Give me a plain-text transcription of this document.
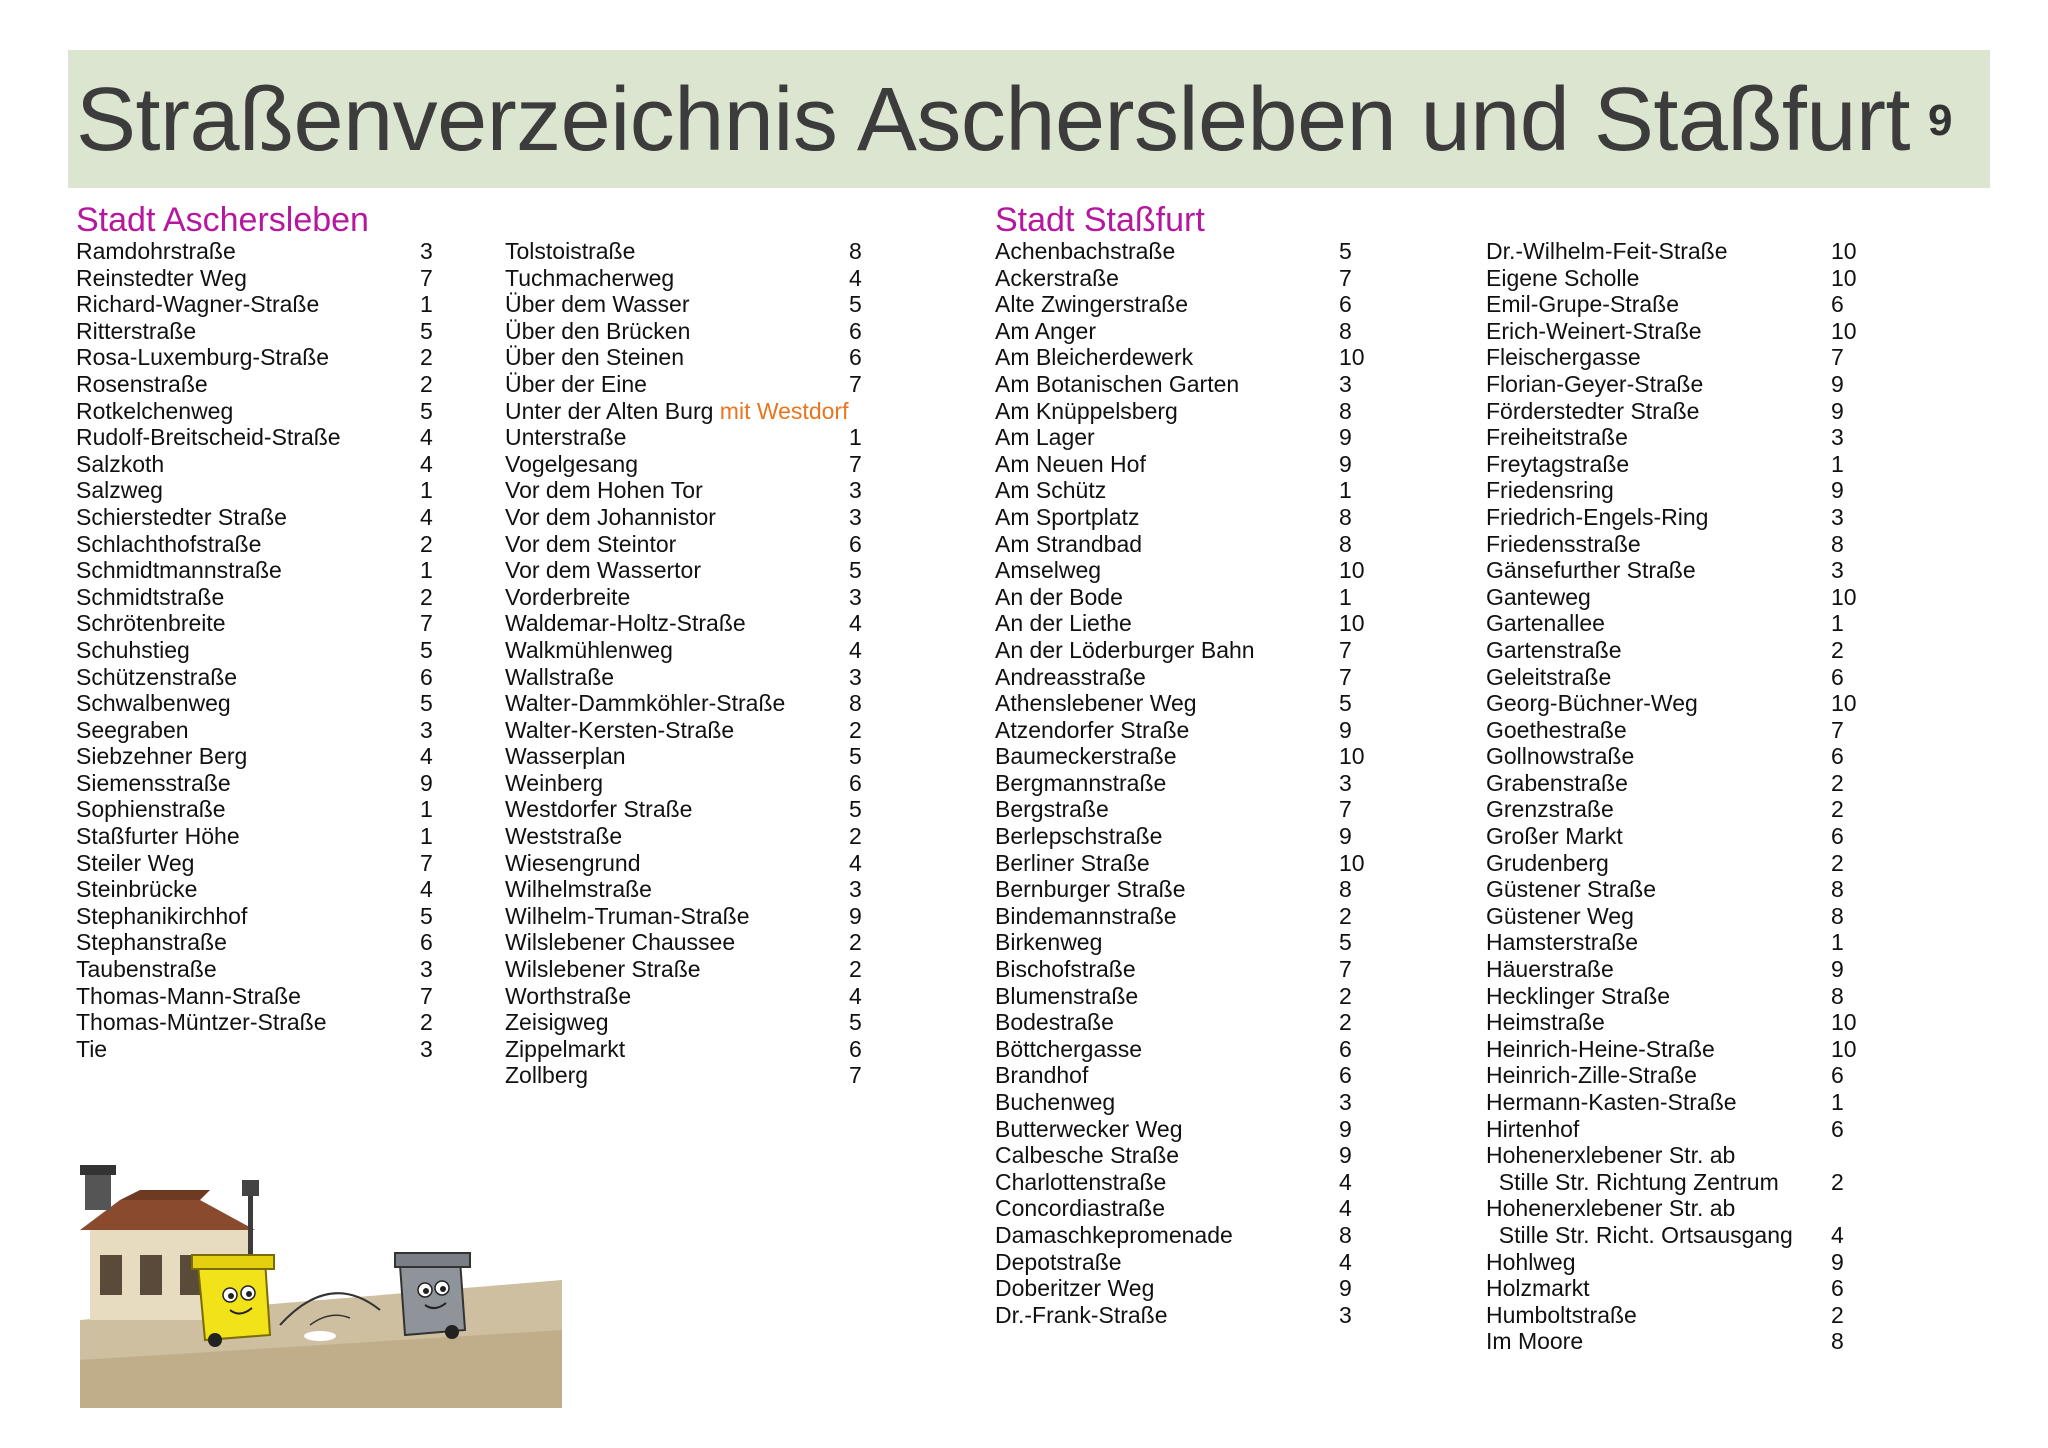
Straßenverzeichnis Aschersleben und Staßfurt 9
Stadt Aschersleben	Stadt Staßfurt
Ramdohrstraße	3
Reinstedter Weg	7
Richard-Wagner-Straße	1
Ritterstraße	5
Rosa-Luxemburg-Straße	2
Rosenstraße	2
Rotkelchenweg	5
Rudolf-Breitscheid-Straße	4
Salzkoth	4
Salzweg	1
Schierstedter Straße	4
Schlachthofstraße	2
Schmidtmannstraße	1
Schmidtstraße	2
Schrötenbreite	7
Schuhstieg	5
Schützenstraße	6
Schwalbenweg	5
Seegraben	3
Siebzehner Berg	4
Siemensstraße	9
Sophienstraße	1
Staßfurter Höhe	1
Steiler Weg	7
Steinbrücke	4
Stephanikirchhof	5
Stephanstraße	6
Taubenstraße	3
Thomas-Mann-Straße	7
Thomas-Müntzer-Straße	2
Tie	3
Tolstoistraße	8
Tuchmacherweg	4
Über dem Wasser	5
Über den Brücken	6
Über den Steinen	6
Über der Eine	7
Unter der Alten Burg mit Westdorf
Unterstraße	1
Vogelgesang	7
Vor dem Hohen Tor	3
Vor dem Johannistor	3
Vor dem Steintor	6
Vor dem Wassertor	5
Vorderbreite	3
Waldemar-Holtz-Straße	4
Walkmühlenweg	4
Wallstraße	3
Walter-Dammköhler-Straße	8
Walter-Kersten-Straße	2
Wasserplan	5
Weinberg	6
Westdorfer Straße	5
Weststraße	2
Wiesengrund	4
Wilhelmstraße	3
Wilhelm-Truman-Straße	9
Wilslebener Chaussee	2
Wilslebener Straße	2
Worthstraße	4
Zeisigweg	5
Zippelmarkt	6
Zollberg	7
Achenbachstraße	5
Ackerstraße	7
Alte Zwingerstraße	6
Am Anger	8
Am Bleicherdewerk	10
Am Botanischen Garten	3
Am Knüppelsberg	8
Am Lager	9
Am Neuen Hof	9
Am Schütz	1
Am Sportplatz	8
Am Strandbad	8
Amselweg	10
An der Bode	1
An der Liethe	10
An der Löderburger Bahn	7
Andreasstraße	7
Athenslebener Weg	5
Atzendorfer Straße	9
Baumeckerstraße	10
Bergmannstraße	3
Bergstraße	7
Berlepschstraße	9
Berliner Straße	10
Bernburger Straße	8
Bindemannstraße	2
Birkenweg	5
Bischofstraße	7
Blumenstraße	2
Bodestraße	2
Böttchergasse	6
Brandhof	6
Buchenweg	3
Butterwecker Weg	9
Calbesche Straße	9
Charlottenstraße	4
Concordiastraße	4
Damaschkepromenade	8
Depotstraße	4
Doberitzer Weg	9
Dr.-Frank-Straße	3
Dr.-Wilhelm-Feit-Straße	10
Eigene Scholle	10
Emil-Grupe-Straße	6
Erich-Weinert-Straße	10
Fleischergasse	7
Florian-Geyer-Straße	9
Förderstedter Straße	9
Freiheitstraße	3
Freytagstraße	1
Friedensring	9
Friedrich-Engels-Ring	3
Friedensstraße	8
Gänsefurther Straße	3
Ganteweg	10
Gartenallee	1
Gartenstraße	2
Geleitstraße	6
Georg-Büchner-Weg	10
Goethestraße	7
Gollnowstraße	6
Grabenstraße	2
Grenzstraße	2
Großer Markt	6
Grudenberg	2
Güstener Straße	8
Güstener Weg	8
Hamsterstraße	1
Häuerstraße	9
Hecklinger Straße	8
Heimstraße	10
Heinrich-Heine-Straße	10
Heinrich-Zille-Straße	6
Hermann-Kasten-Straße	1
Hirtenhof	6
Hohenerxlebener Str. ab
Stille Str. Richtung Zentrum 2
Hohenerxlebener Str. ab
Stille Str. Richt. Ortsausgang 4
Hohlweg	9
Holzmarkt	6
Humboltstraße	2
Im Moore	8
